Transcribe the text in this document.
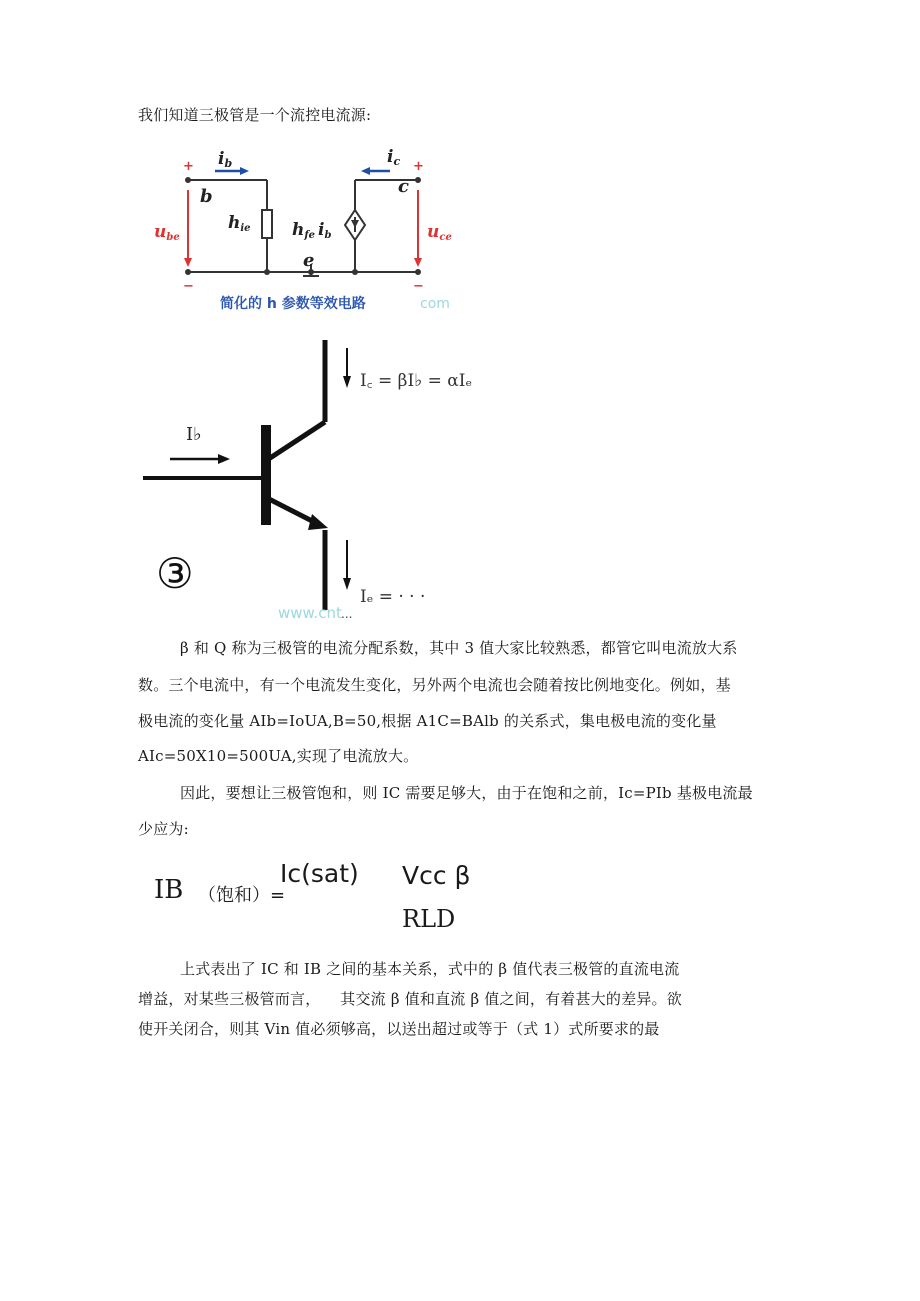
我们知道三极管是一个流控电流源:
ib	ic
b	c
e
hie hfe ib
ube	uce
+	+
−	−
简化的 h 参数等效电路	com
I꜀ = βI♭ = αIₑ
I♭
③	Iₑ = · · ·
www.cnt ...
β 和 Q 称为三极管的电流分配系数，其中 3 值大家比较熟悉，都管它叫电流放大系
数。三个电流中，有一个电流发生变化，另外两个电流也会随着按比例地变化。例如，基
极电流的变化量 AIb=IoUA,B=50,根据 A1C=BAlb 的关系式，集电极电流的变化量
AIc=50X10=500UA,实现了电流放大。
因此，要想让三极管饱和，则 IC 需要足够大，由于在饱和之前，Ic=PIb 基极电流最
少应为:
IB （饱和）=
Ic(sat) Vcc β
RLD
上式表出了 IC 和 IB 之间的基本关系，式中的 β 值代表三极管的直流电流
增益，对某些三极管而言，    其交流 β 值和直流 β 值之间，有着甚大的差异。欲
使开关闭合，则其 Vin 值必须够高，以送出超过或等于（式 1）式所要求的最
